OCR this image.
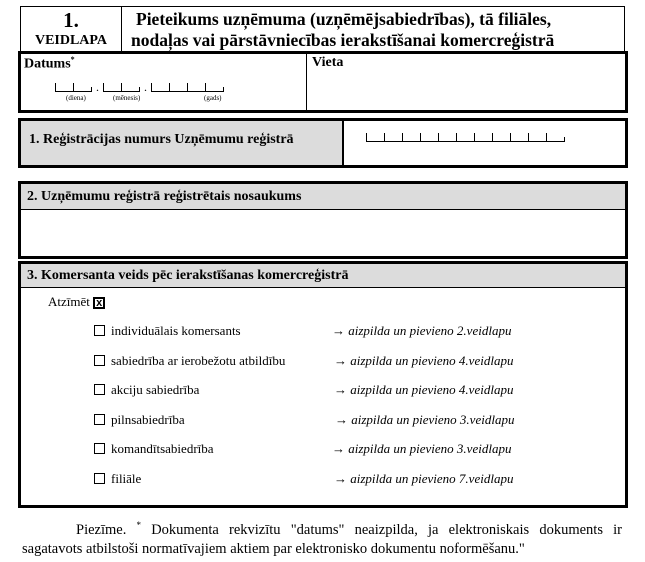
1.
VEIDLAPA
Pieteikums uzņēmuma (uzņēmējsabiedrības), tā filiāles,
nodaļas vai pārstāvniecības ierakstīšanai komercreģistrā
Datums*
.	.
(diena)	(mēnesis)	(gads)
Vieta
1. Reģistrācijas numurs Uzņēmumu reģistrā
2. Uzņēmumu reģistrā reģistrētais nosaukums
3. Komersanta veids pēc ierakstīšanas komercreģistrā
Atzīmēt x
individuālais komersants	→ aizpilda un pievieno 2.veidlapu
sabiedrība ar ierobežotu atbildību	→ aizpilda un pievieno 4.veidlapu
akciju sabiedrība	→ aizpilda un pievieno 4.veidlapu
pilnsabiedrība	→ aizpilda un pievieno 3.veidlapu
komandītsabiedrība	→ aizpilda un pievieno 3.veidlapu
filiāle	→ aizpilda un pievieno 7.veidlapu
Piezīme. * Dokumenta rekvizītu "datums" neaizpilda, ja elektroniskais dokuments ir sagatavots atbilstoši normatīvajiem aktiem par elektronisko dokumentu noformēšanu."
